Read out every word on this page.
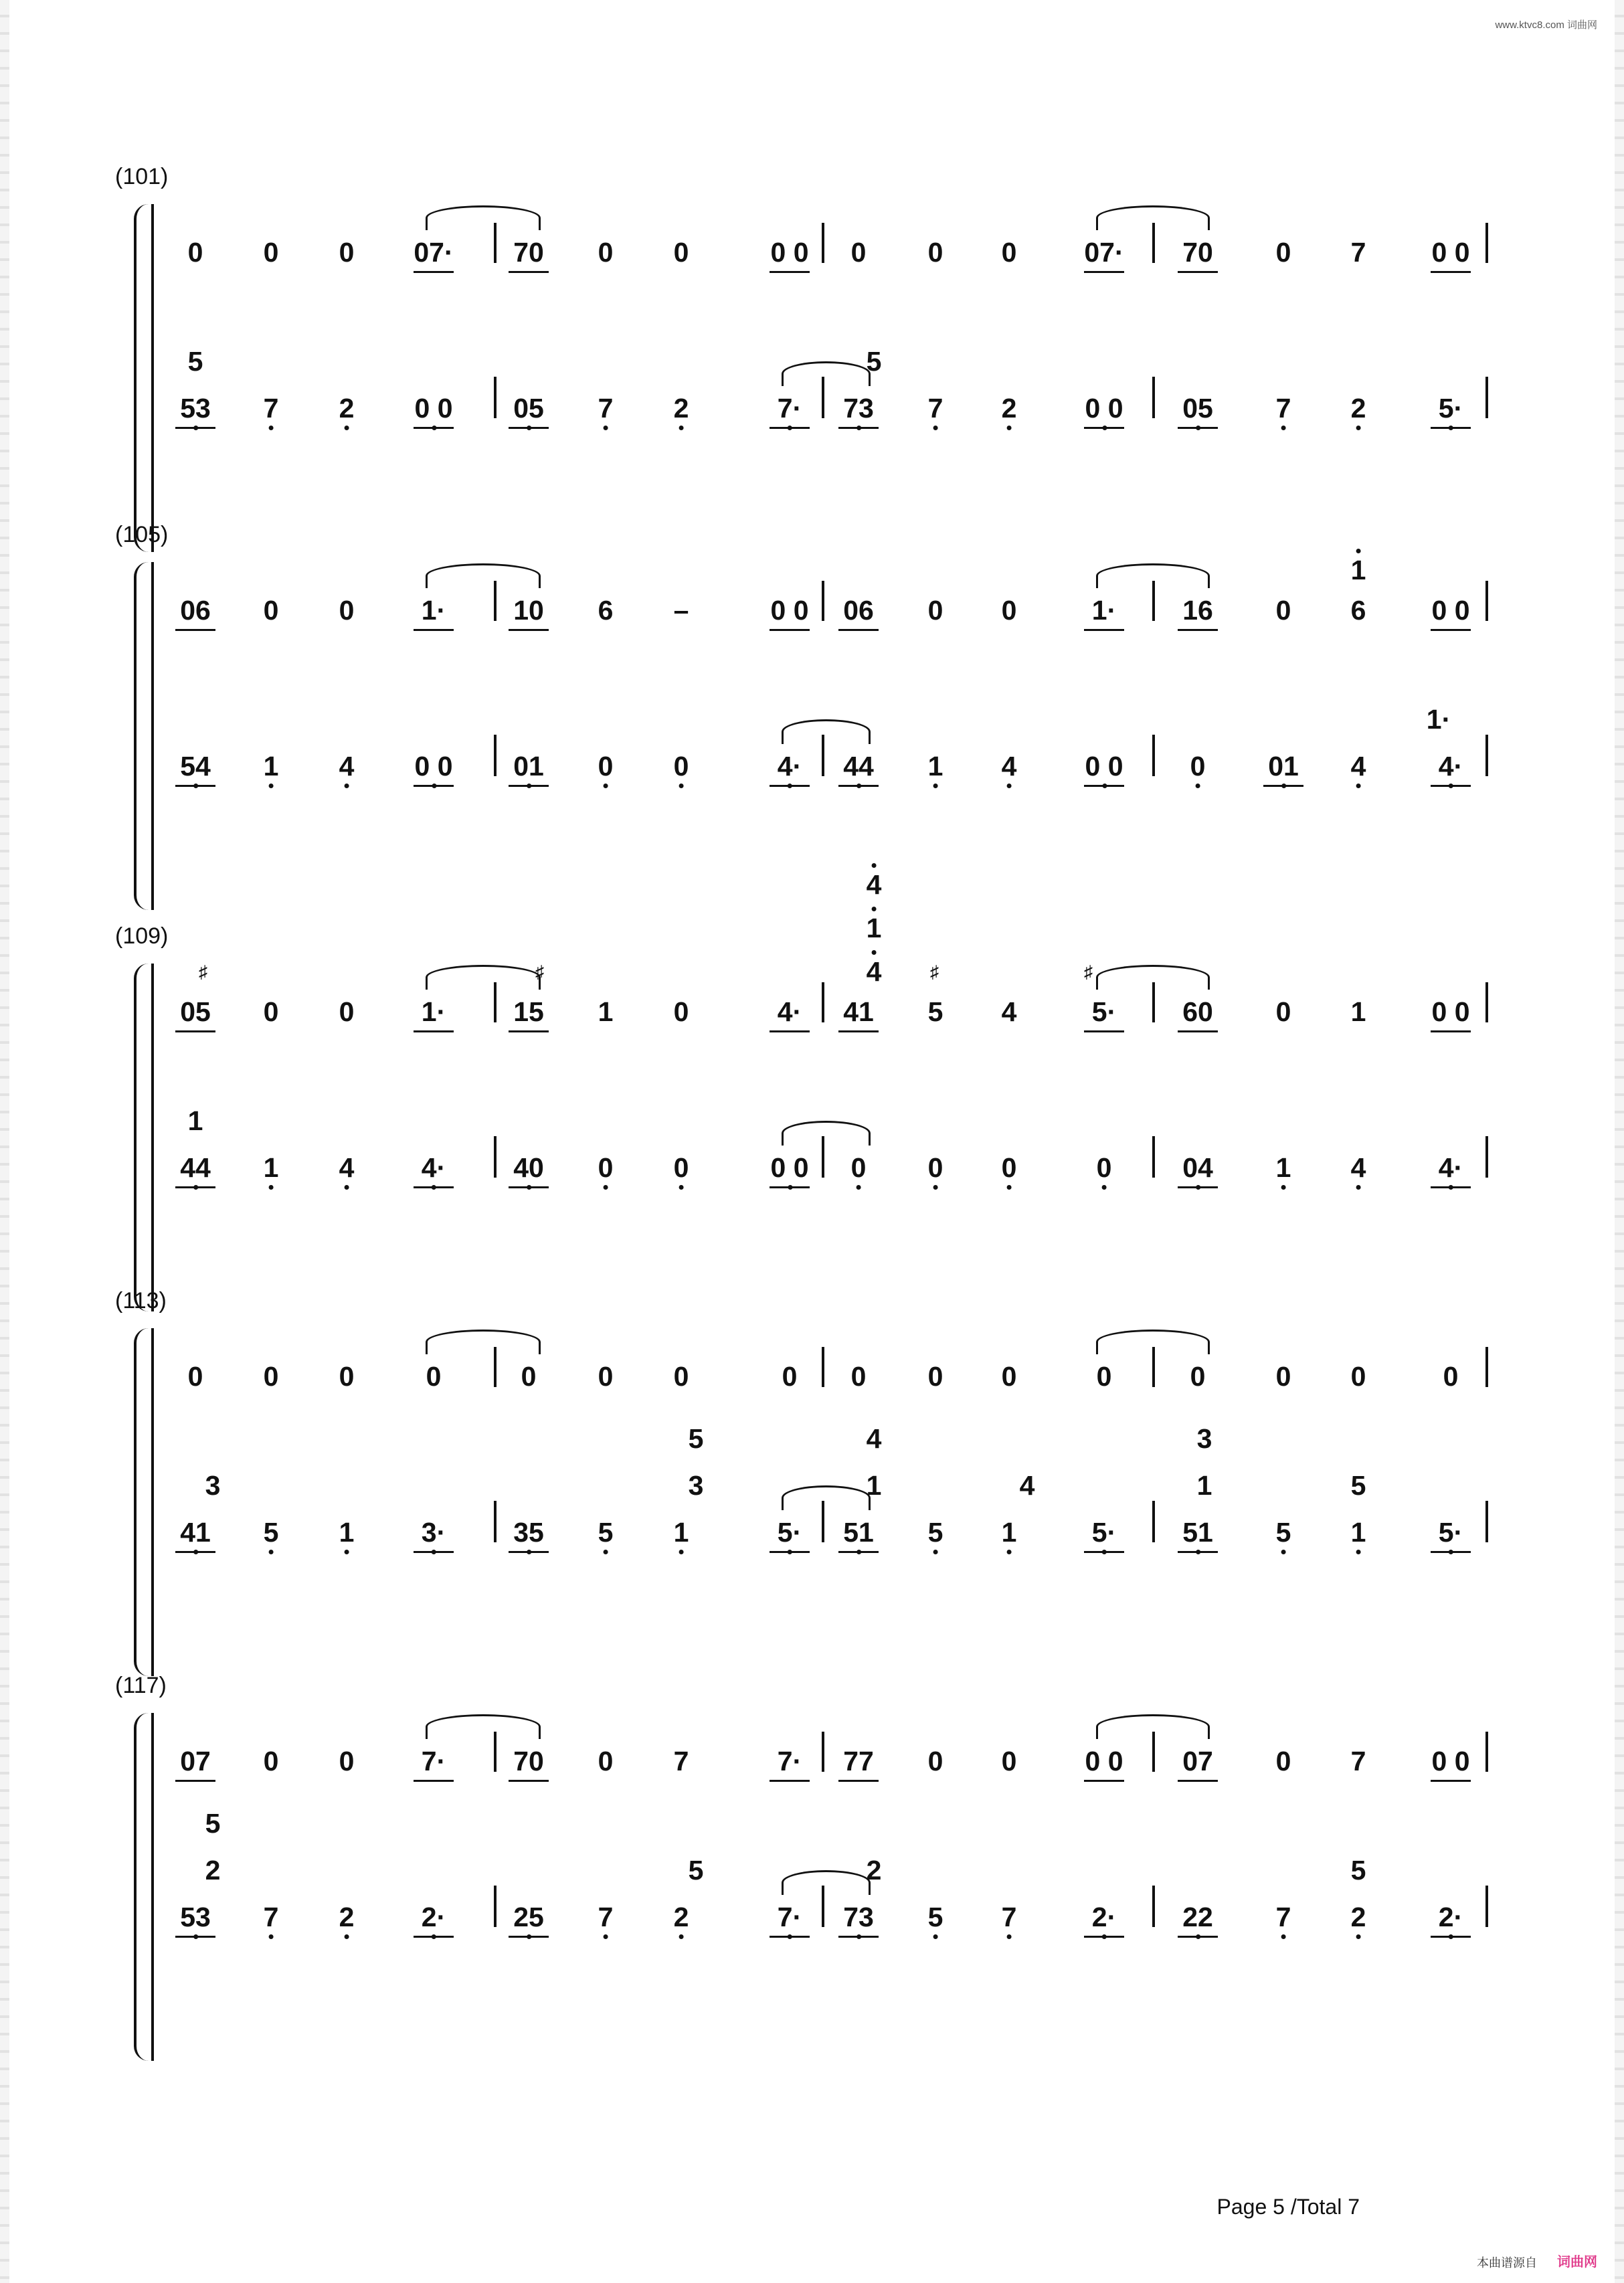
www.ktvc8.com 词曲网
(101)
0 0 0 07· 70 0 0	0 0 0 0 0 07· 70 0 7 0 0
53 7 2 0 0 05 7 2	7· 73 7 2 0 0 05 7 2	5·
5	5
(105)
06 0 0 1· 10 6 –	0 0 06 0 0	1· 16 0 6 0 0
54 1 4 0 0 01 0 0	4· 44 1 4 0 0 0 01 4	4·
1
1·
(109)
05 0 0 1· 15 1 0	4· 41 5 4	5· 60 0 1 0 0
44 1 4 4· 40 0 0	0 0 0 0 0	0	04 1 4	4·
4
1
4
1
♯	♯	♯	♯
(113)
0 0 0	0	0 0 0	0 0 0 0	0	0	0 0	0
41 5 1 3· 35 5 1	5· 51 5 1	5· 51 5 1	5·
3
5
3
4
1	4
3
1	5
(117)
07 0 0 7· 70 0 7	7· 77 0 0 0 0 07 0 7 0 0
53 7 2 2· 25 7 2	7· 73 5 7	2· 22 7 2	2·
5
2	5	2	5
Page 5 /Total 7
本曲谱源自 词曲网
